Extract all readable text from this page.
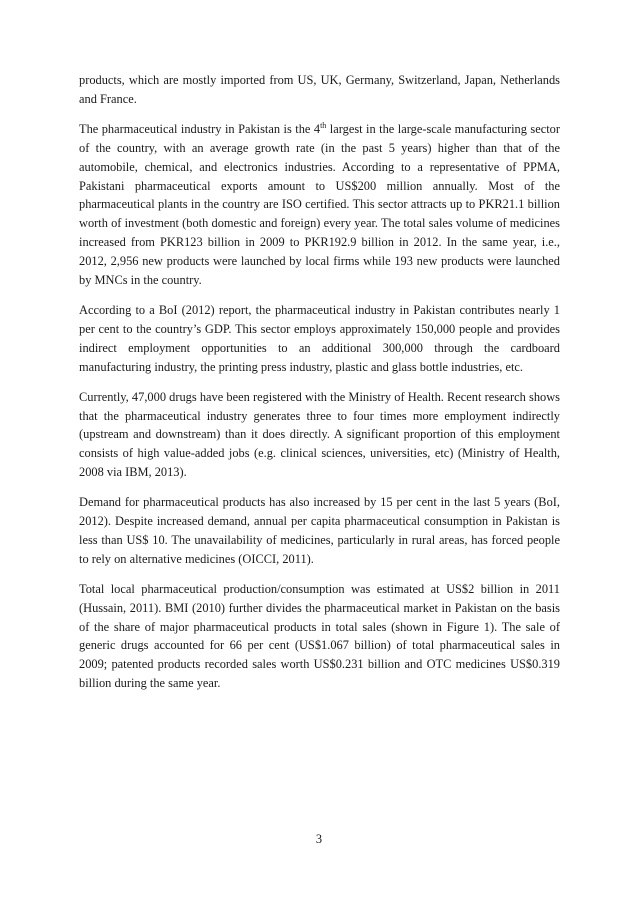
products, which are mostly imported from US, UK, Germany, Switzerland, Japan, Netherlands and France.

The pharmaceutical industry in Pakistan is the 4th largest in the large-scale manufacturing sector of the country, with an average growth rate (in the past 5 years) higher than that of the automobile, chemical, and electronics industries. According to a representative of PPMA, Pakistani pharmaceutical exports amount to US$200 million annually. Most of the pharmaceutical plants in the country are ISO certified. This sector attracts up to PKR21.1 billion worth of investment (both domestic and foreign) every year. The total sales volume of medicines increased from PKR123 billion in 2009 to PKR192.9 billion in 2012. In the same year, i.e., 2012, 2,956 new products were launched by local firms while 193 new products were launched by MNCs in the country.

According to a BoI (2012) report, the pharmaceutical industry in Pakistan contributes nearly 1 per cent to the country’s GDP. This sector employs approximately 150,000 people and provides indirect employment opportunities to an additional 300,000 through the cardboard manufacturing industry, the printing press industry, plastic and glass bottle industries, etc.

Currently, 47,000 drugs have been registered with the Ministry of Health. Recent research shows that the pharmaceutical industry generates three to four times more employment indirectly (upstream and downstream) than it does directly. A significant proportion of this employment consists of high value-added jobs (e.g. clinical sciences, universities, etc) (Ministry of Health, 2008 via IBM, 2013).

Demand for pharmaceutical products has also increased by 15 per cent in the last 5 years (BoI, 2012). Despite increased demand, annual per capita pharmaceutical consumption in Pakistan is less than US$ 10. The unavailability of medicines, particularly in rural areas, has forced people to rely on alternative medicines (OICCI, 2011).

Total local pharmaceutical production/consumption was estimated at US$2 billion in 2011 (Hussain, 2011). BMI (2010) further divides the pharmaceutical market in Pakistan on the basis of the share of major pharmaceutical products in total sales (shown in Figure 1). The sale of generic drugs accounted for 66 per cent (US$1.067 billion) of total pharmaceutical sales in 2009; patented products recorded sales worth US$0.231 billion and OTC medicines US$0.319 billion during the same year.

3
